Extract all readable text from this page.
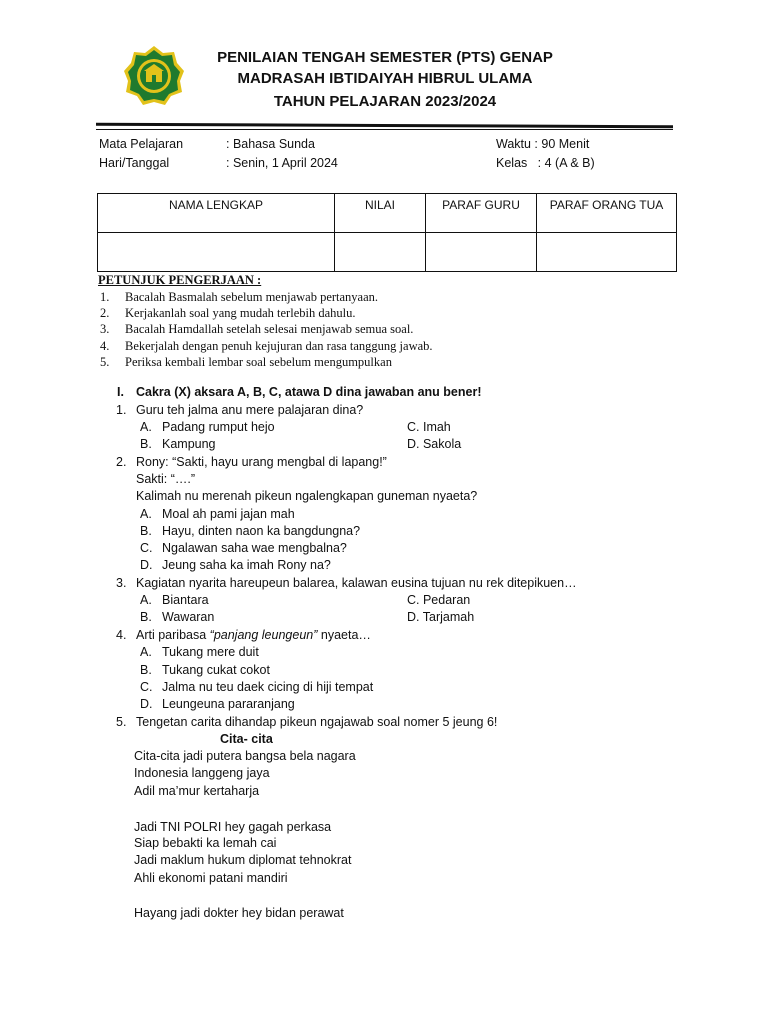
PENILAIAN TENGAH SEMESTER (PTS) GENAP
MADRASAH IBTIDAIYAH HIBRUL ULAMA
TAHUN PELAJARAN 2023/2024
Mata Pelajaran	: Bahasa Sunda
Hari/Tanggal	: Senin, 1 April 2024
Waktu : 90 Menit
Kelas   : 4 (A & B)
NAMA LENGKAP	NILAI	PARAF GURU	PARAF ORANG TUA

PETUNJUK PENGERJAAN :
1. Bacalah Basmalah sebelum menjawab pertanyaan.
2. Kerjakanlah soal yang mudah terlebih dahulu.
3. Bacalah Hamdallah setelah selesai menjawab semua soal.
4. Bekerjalah dengan penuh kejujuran dan rasa tanggung jawab.
5. Periksa kembali lembar soal sebelum mengumpulkan
I. Cakra (X) aksara A, B, C, atawa D dina jawaban anu bener!
1. Guru teh jalma anu mere palajaran dina?
A. Padang rumput hejo	C. Imah
B. Kampung	D. Sakola
2. Rony: “Sakti, hayu urang mengbal di lapang!”
Sakti: “….”
Kalimah nu merenah pikeun ngalengkapan guneman nyaeta?
A. Moal ah pami jajan mah
B. Hayu, dinten naon ka bangdungna?
C. Ngalawan saha wae mengbalna?
D. Jeung saha ka imah Rony na?
3. Kagiatan nyarita hareupeun balarea, kalawan eusina tujuan nu rek ditepikuen…
A. Biantara	C. Pedaran
B. Wawaran	D. Tarjamah
4. Arti paribasa “panjang leungeun” nyaeta…
A. Tukang mere duit
B. Tukang cukat cokot
C. Jalma nu teu daek cicing di hiji tempat
D. Leungeuna pararanjang
5. Tengetan carita dihandap pikeun ngajawab soal nomer 5 jeung 6!
Cita- cita
Cita-cita jadi putera bangsa bela nagara
Indonesia langgeng jaya
Adil ma’mur kertaharja
Jadi TNI POLRI hey gagah perkasa
Siap bebakti ka lemah cai
Jadi maklum hukum diplomat tehnokrat
Ahli ekonomi patani mandiri
Hayang jadi dokter hey bidan perawat
